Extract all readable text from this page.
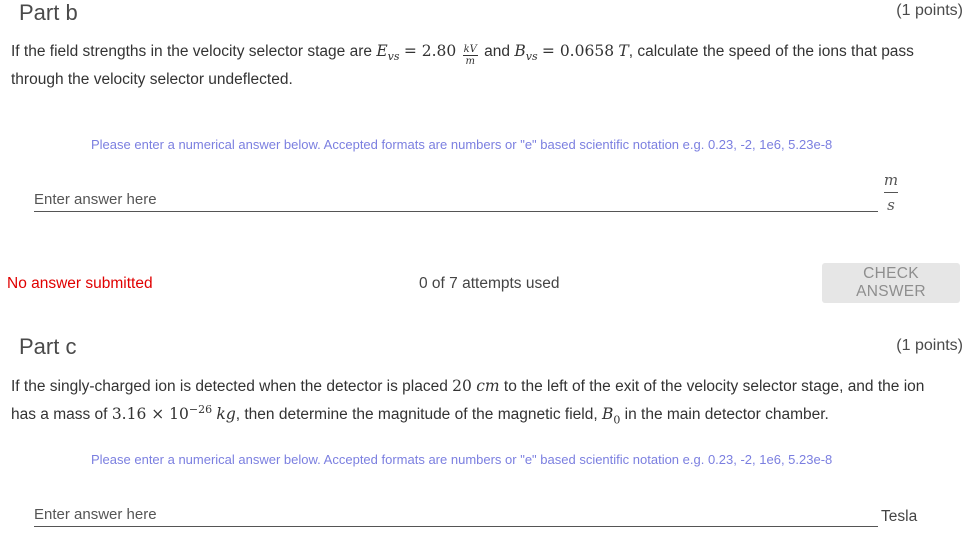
Part b	(1 points)
If the field strengths in the velocity selector stage are $E_{vs} = 2.80 \frac{kV}{m}$ and $B_{vs} = 0.0658$ T, calculate the speed of the ions that pass
through the velocity selector undeflected.
Please enter a numerical answer below. Accepted formats are numbers or "e" based scientific notation e.g. 0.23, -2, 1e6, 5.23e-8
Enter answer here
m
s
No answer submitted	0 of 7 attempts used
CHECK ANSWER
Part c	(1 points)
If the singly-charged ion is detected when the detector is placed 20 cm to the left of the exit of the velocity selector stage, and the ion
has a mass of $3.16 \times 10^{-26}$ kg, then determine the magnitude of the magnetic field, $B_0$ in the main detector chamber.
Please enter a numerical answer below. Accepted formats are numbers or "e" based scientific notation e.g. 0.23, -2, 1e6, 5.23e-8
Enter answer here
Tesla
